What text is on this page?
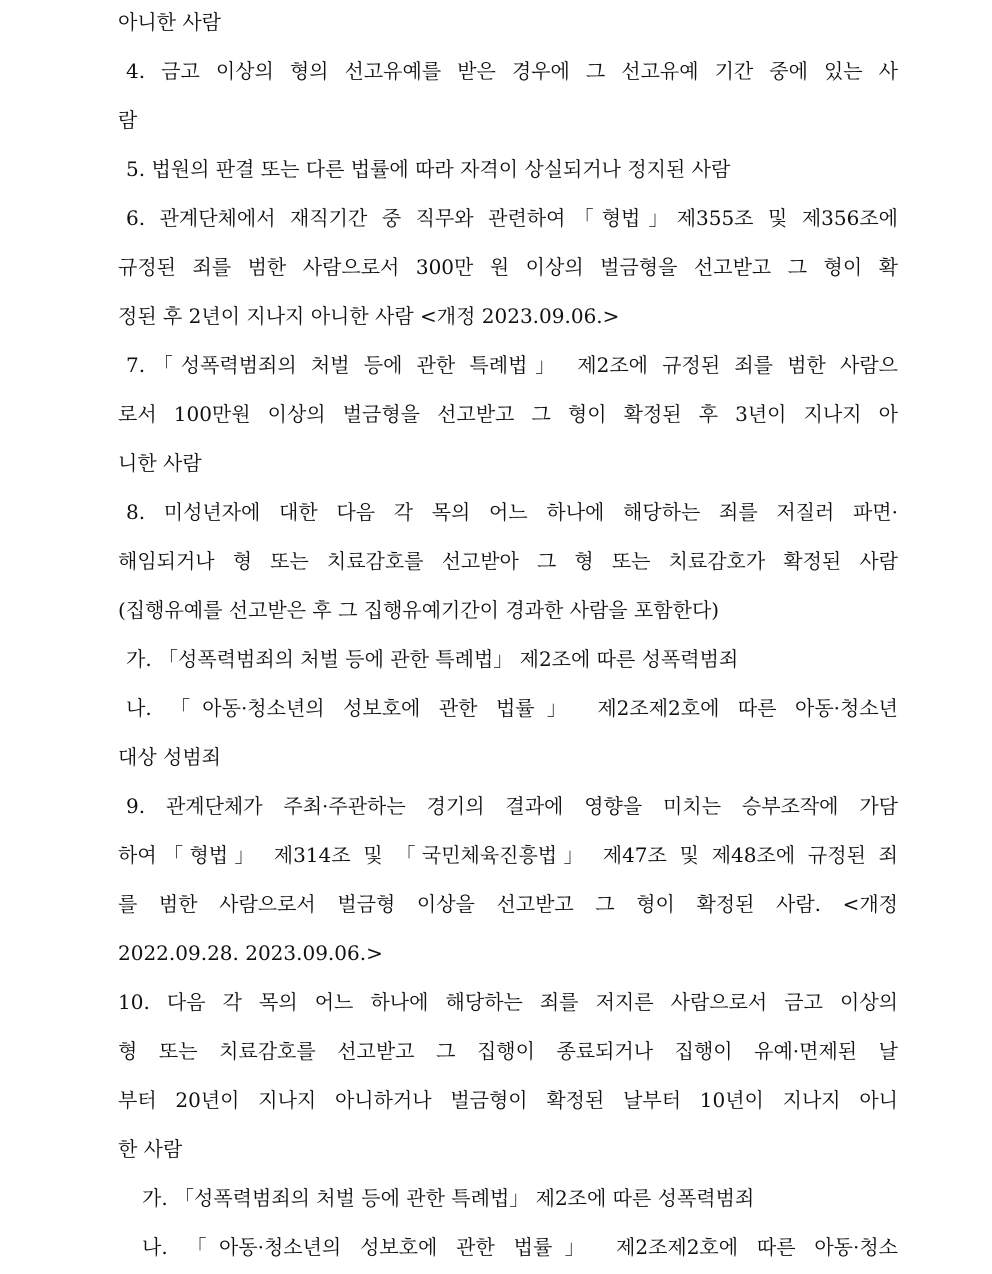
아니한 사람
4. 금고 이상의 형의 선고유예를 받은 경우에 그 선고유예 기간 중에 있는 사
람
5. 법원의 판결 또는 다른 법률에 따라 자격이 상실되거나 정지된 사람
6. 관계단체에서 재직기간 중 직무와 관련하여「형법」제355조 및 제356조에
규정된 죄를 범한 사람으로서 300만 원 이상의 벌금형을 선고받고 그 형이 확
정된 후 2년이 지나지 아니한 사람 <개정 2023.09.06.>
7.「성폭력범죄의 처벌 등에 관한 특례법」 제2조에 규정된 죄를 범한 사람으
로서 100만원 이상의 벌금형을 선고받고 그 형이 확정된 후 3년이 지나지 아
니한 사람
8. 미성년자에 대한 다음 각 목의 어느 하나에 해당하는 죄를 저질러 파면·
해임되거나 형 또는 치료감호를 선고받아 그 형 또는 치료감호가 확정된 사람
(집행유예를 선고받은 후 그 집행유예기간이 경과한 사람을 포함한다)
가. 「성폭력범죄의 처벌 등에 관한 특례법」 제2조에 따른 성폭력범죄
나. 「아동·청소년의 성보호에 관한 법률」 제2조제2호에 따른 아동·청소년
대상 성범죄
9. 관계단체가 주최·주관하는 경기의 결과에 영향을 미치는 승부조작에 가담
하여「형법」 제314조 및 「국민체육진흥법」 제47조 및 제48조에 규정된 죄
를 범한 사람으로서 벌금형 이상을 선고받고 그 형이 확정된 사람. <개정
2022.09.28. 2023.09.06.>
10. 다음 각 목의 어느 하나에 해당하는 죄를 저지른 사람으로서 금고 이상의
형 또는 치료감호를 선고받고 그 집행이 종료되거나 집행이 유예·면제된 날
부터 20년이 지나지 아니하거나 벌금형이 확정된 날부터 10년이 지나지 아니
한 사람
가. 「성폭력범죄의 처벌 등에 관한 특례법」 제2조에 따른 성폭력범죄
나. 「아동·청소년의 성보호에 관한 법률」 제2조제2호에 따른 아동·청소
